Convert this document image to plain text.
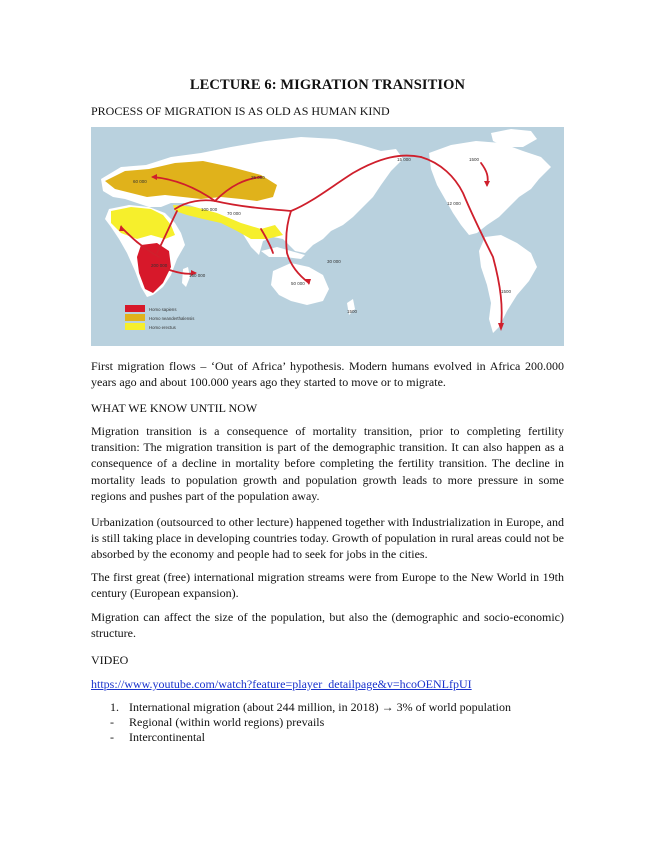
LECTURE 6: MIGRATION TRANSITION
PROCESS OF MIGRATION IS AS OLD AS HUMAN KIND
200 000
150 000
60 000
25 000
15 000	1500
12 000
100 000
70 000
30 000
50 000
1500
1500
Homo sapiens
Homo neanderthalensis
Homo erectus

First migration flows – ‘Out of Africa’ hypothesis. Modern humans evolved in Africa 200.000 years ago and about 100.000 years ago they started to move or to migrate.

WHAT WE KNOW UNTIL NOW

Migration transition is a consequence of mortality transition, prior to completing fertility transition: The migration transition is part of the demographic transition. It can also happen as a consequence of a decline in mortality before completing the fertility transition. The decline in mortality leads to population growth and population growth leads to more pressure in some regions and pushes part of the population away.

Urbanization (outsourced to other lecture) happened together with Industrialization in Europe, and is still taking place in developing countries today. Growth of population in rural areas could not be absorbed by the economy and people had to seek for jobs in the cities.

The first great (free) international migration streams were from Europe to the New World in 19th century (European expansion).

Migration can affect the size of the population, but also the (demographic and socio-economic) structure.

VIDEO

https://www.youtube.com/watch?feature=player_detailpage&v=hcoOENLfpUI
1. International migration (about 244 million, in 2018) → 3% of world population
- Regional (within world regions) prevails
- Intercontinental
